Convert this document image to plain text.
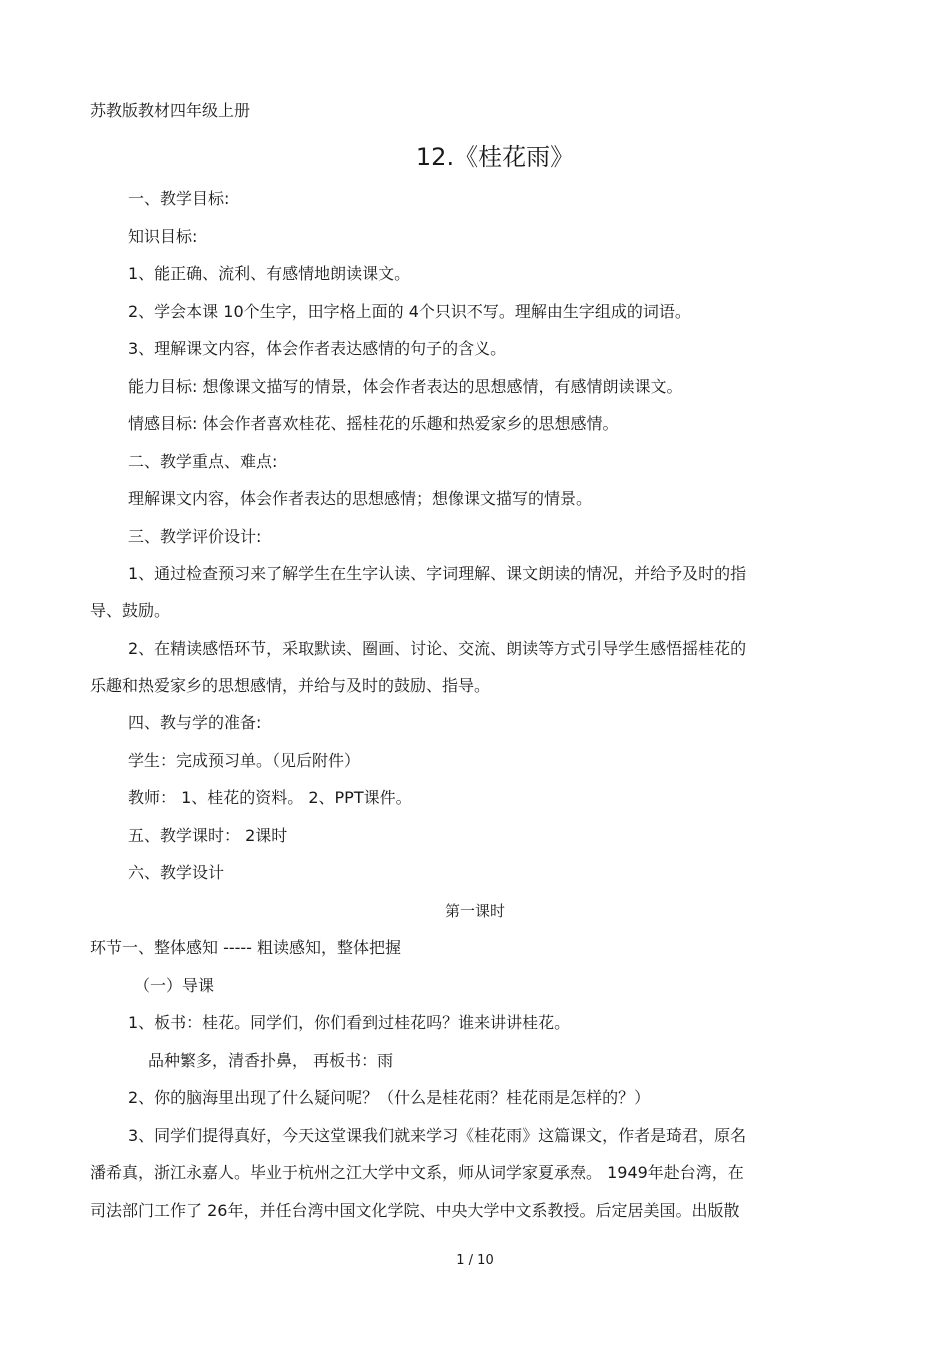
苏教版教材四年级上册
12.《桂花雨》
一、教学目标:
知识目标:
1、能正确、流利、有感情地朗读课文。
2、学会本课 10个生字，田字格上面的 4个只识不写。理解由生字组成的词语。
3、理解课文内容，体会作者表达感情的句子的含义。
能力目标: 想像课文描写的情景，体会作者表达的思想感情，有感情朗读课文。
情感目标: 体会作者喜欢桂花、摇桂花的乐趣和热爱家乡的思想感情。
二、教学重点、难点:
理解课文内容，体会作者表达的思想感情；想像课文描写的情景。
三、教学评价设计:
1、通过检查预习来了解学生在生字认读、字词理解、课文朗读的情况，并给予及时的指
导、鼓励。
2、在精读感悟环节，采取默读、圈画、讨论、交流、朗读等方式引导学生感悟摇桂花的
乐趣和热爱家乡的思想感情，并给与及时的鼓励、指导。
四、教与学的准备:
学生：完成预习单。（见后附件）
教师： 1、桂花的资料。 2、PPT课件。
五、教学课时： 2课时
六、教学设计
第一课时
环节一、整体感知 ----- 粗读感知，整体把握
（一）导课
1、板书：桂花。同学们，你们看到过桂花吗？谁来讲讲桂花。
品种繁多，清香扑鼻， 再板书：雨
2、你的脑海里出现了什么疑问呢？（什么是桂花雨？桂花雨是怎样的？）
3、同学们提得真好，今天这堂课我们就来学习《桂花雨》这篇课文，作者是琦君，原名
潘希真，浙江永嘉人。毕业于杭州之江大学中文系，师从词学家夏承焘。 1949年赴台湾，在
司法部门工作了 26年，并任台湾中国文化学院、中央大学中文系教授。后定居美国。出版散
1 / 10
